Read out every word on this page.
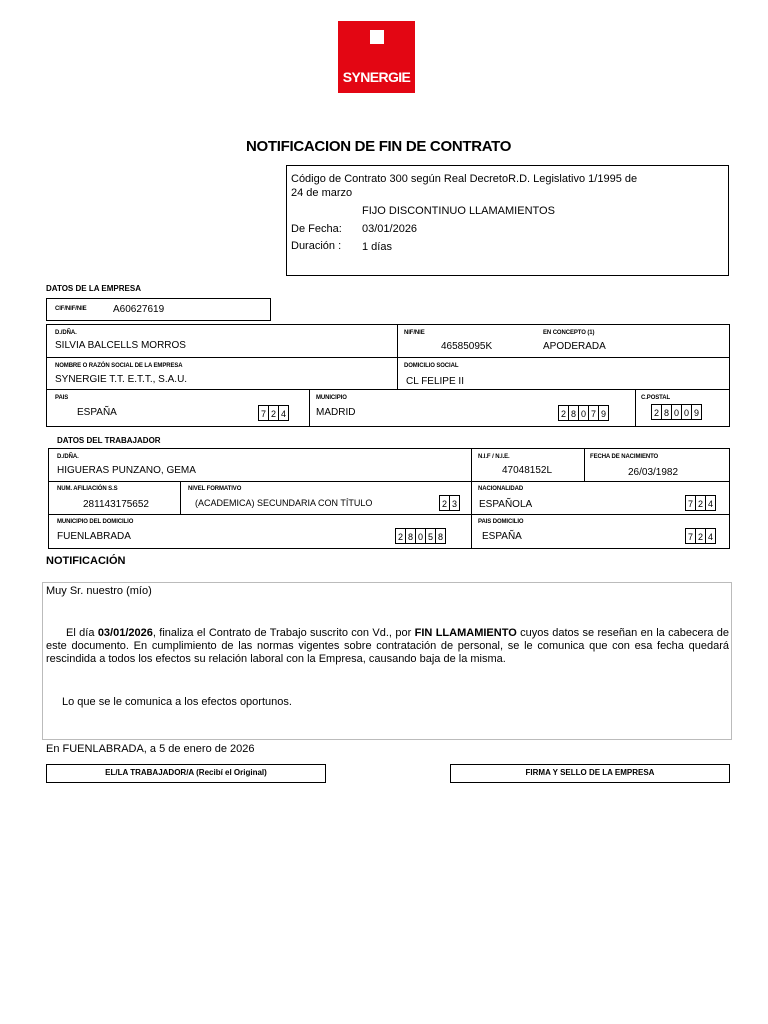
SYNERGIE
NOTIFICACION DE FIN DE CONTRATO
Código de Contrato 300 según Real DecretoR.D. Legislativo 1/1995 de
24 de marzo
FIJO DISCONTINUO LLAMAMIENTOS
De Fecha: 03/01/2026
Duración : 1 días
DATOS DE LA EMPRESA
CIF/NIF/NIE	A60627619
D./DÑA.
SILVIA BALCELLS MORROS
NIF/NIE
46585095K
EN CONCEPTO (1)
APODERADA
NOMBRE O RAZÓN SOCIAL DE LA EMPRESA
SYNERGIE T.T. E.T.T., S.A.U.
DOMICILIO SOCIAL
CL FELIPE II
PAIS
ESPAÑA	7 2 4
MUNICIPIO
MADRID	2 8 0 7 9
C.POSTAL
2 8 0 0 9
DATOS DEL TRABAJADOR
D./DÑA.
HIGUERAS PUNZANO, GEMA
N.I.F / N.I.E.
47048152L
FECHA DE NACIMIENTO
26/03/1982
NUM. AFILIACIÓN S.S
281143175652
NIVEL FORMATIVO
(ACADEMICA) SECUNDARIA CON TÍTULO	2 3
NACIONALIDAD
ESPAÑOLA	7 2 4
MUNICIPIO DEL DOMICILIO
FUENLABRADA	2 8 0 5 8
PAIS DOMICILIO
ESPAÑA	7 2 4
NOTIFICACIÓN
Muy Sr. nuestro (mío)
El día 03/01/2026, finaliza el Contrato de Trabajo suscrito con Vd., por FIN LLAMAMIENTO cuyos datos se reseñan en la cabecera de este documento. En cumplimiento de las normas vigentes sobre contratación de personal, se le comunica que con esa fecha quedará rescindida a todos los efectos su relación laboral con la Empresa, causando baja de la misma.
Lo que se le comunica a los efectos oportunos.
En FUENLABRADA, a 5 de enero de 2026
EL/LA TRABAJADOR/A (Recibí el Original)	FIRMA Y SELLO DE LA EMPRESA
